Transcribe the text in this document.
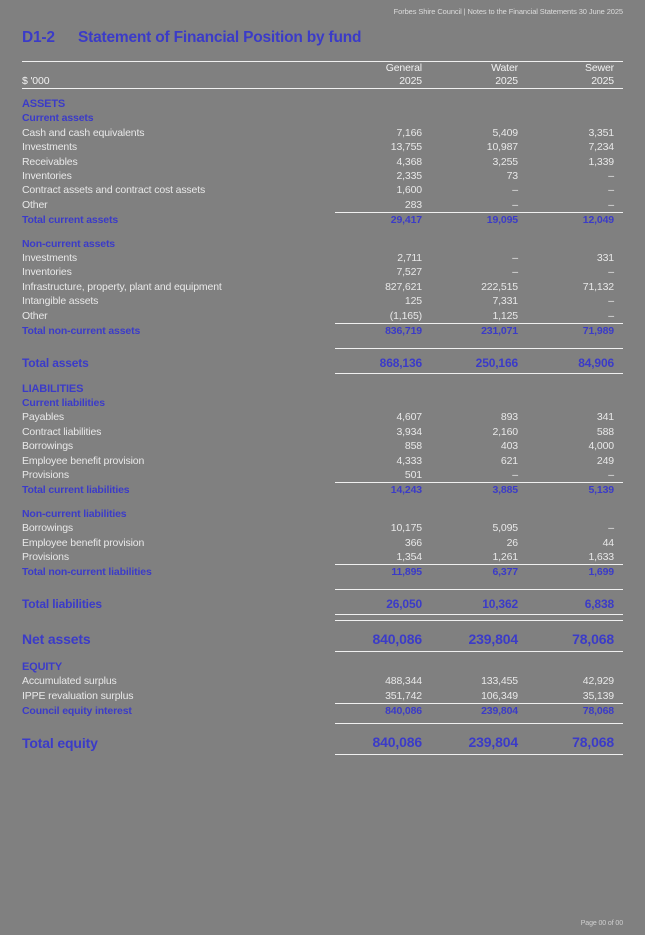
Forbes Shire Council | Notes to the Financial Statements 30 June 2025
D1-2	Statement of Financial Position by fund
	General	Water	Sewer
$ '000	2025	2025	2025
ASSETS			
Current assets			
Cash and cash equivalents	7,166	5,409	3,351
Investments	13,755	10,987	7,234
Receivables	4,368	3,255	1,339
Inventories	2,335	73	–
Contract assets and contract cost assets	1,600	–	–
Other	283	–	–
Total current assets	29,417	19,095	12,049

Non-current assets			
Investments	2,711	–	331
Inventories	7,527	–	–
Infrastructure, property, plant and equipment	827,621	222,515	71,132
Intangible assets	125	7,331	–
Other	(1,165)	1,125	–
Total non-current assets	836,719	231,071	71,989

Total assets	868,136	250,166	84,906
LIABILITIES			
Current liabilities			
Payables	4,607	893	341
Contract liabilities	3,934	2,160	588
Borrowings	858	403	4,000
Employee benefit provision	4,333	621	249
Provisions	501	–	–
Total current liabilities	14,243	3,885	5,139

Non-current liabilities			
Borrowings	10,175	5,095	–
Employee benefit provision	366	26	44
Provisions	1,354	1,261	1,633
Total non-current liabilities	11,895	6,377	1,699

Total liabilities	26,050	10,362	6,838

Net assets	840,086	239,804	78,068
EQUITY			
Accumulated surplus	488,344	133,455	42,929
IPPE revaluation surplus	351,742	106,349	35,139
Council equity interest	840,086	239,804	78,068

Total equity	840,086	239,804	78,068
Page 00 of 00
